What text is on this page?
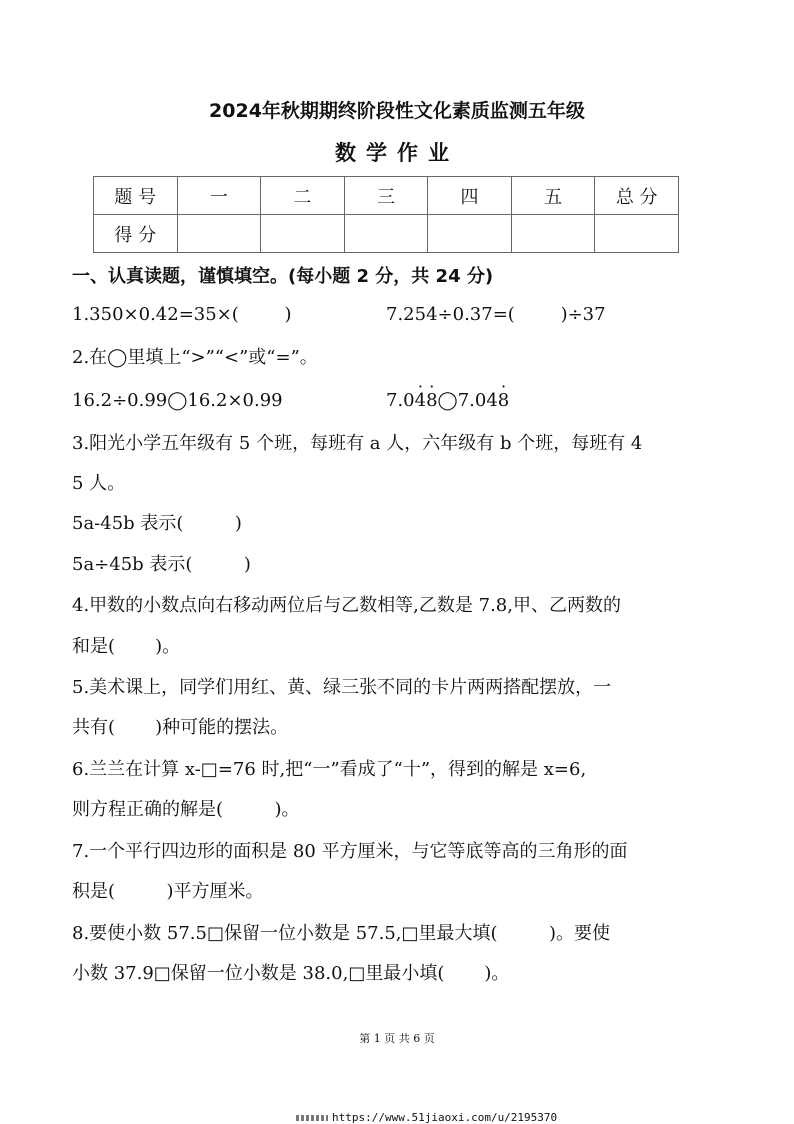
2024年秋期期终阶段性文化素质监测五年级
数学作业
题 号	一	二	三	四	五	总 分
得 分						
一、认真读题，谨慎填空。(每小题 2 分，共 24 分)
1.350×0.42=35×(        )	7.254÷0.37=(        )÷37
2.在◯里填上“>”“<”或“=”。
16.2÷0.99◯16.2×0.99	7.0· 4· 8◯7.04· 8
3.阳光小学五年级有 5 个班，每班有 a 人，六年级有 b 个班，每班有 4
5 人。
5a-45b 表示(         )
5a÷45b 表示(         )
4.甲数的小数点向右移动两位后与乙数相等,乙数是 7.8,甲、乙两数的
和是(       )。
5.美术课上，同学们用红、黄、绿三张不同的卡片两两搭配摆放，一
共有(       )种可能的摆法。
6.兰兰在计算 x-□=76 时,把“一”看成了“十”，得到的解是 x=6,
则方程正确的解是(         )。
7.一个平行四边形的面积是 80 平方厘米，与它等底等高的三角形的面
积是(         )平方厘米。
8.要使小数 57.5□保留一位小数是 57.5,□里最大填(         )。要使
小数 37.9□保留一位小数是 38.0,□里最小填(       )。
第 1 页 共 6 页
https://www.51jiaoxi.com/u/2195370
